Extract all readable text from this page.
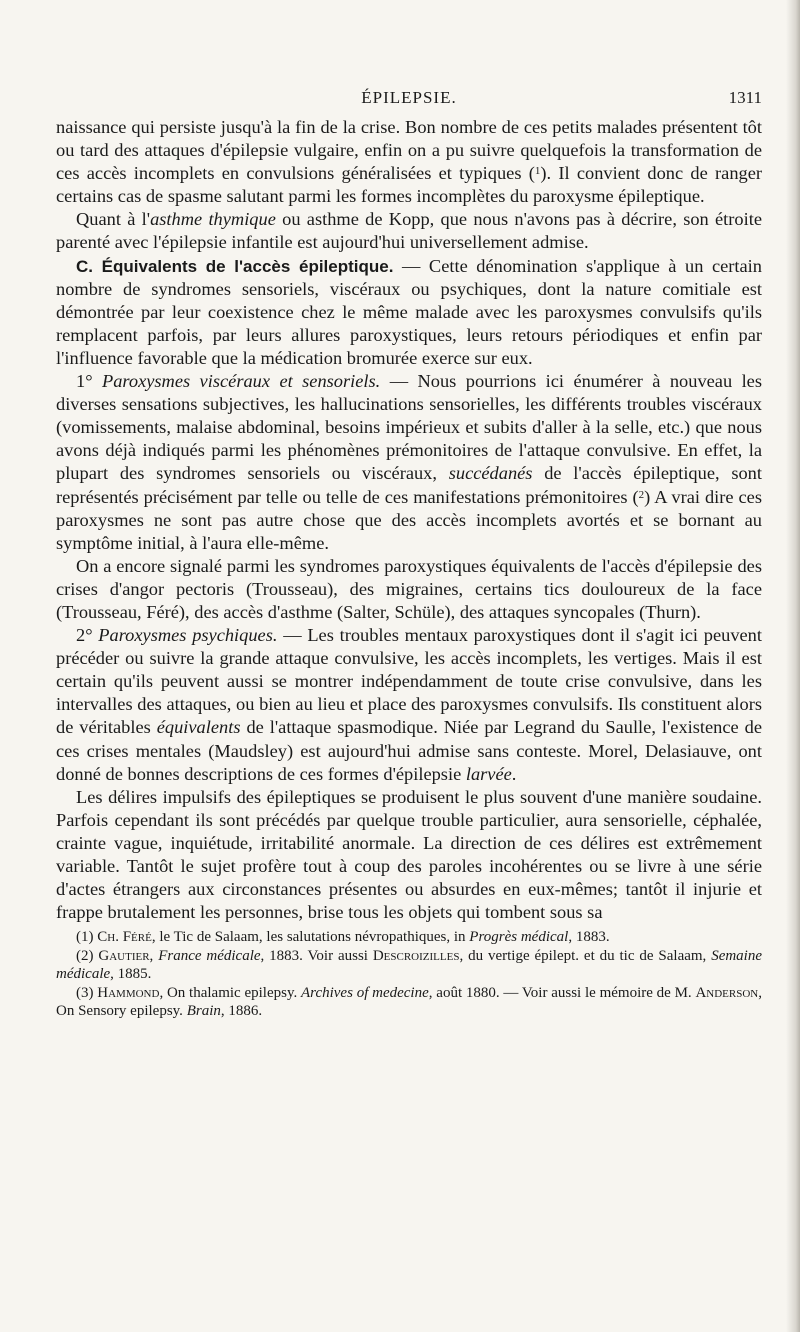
ÉPILEPSIE.	1311

naissance qui persiste jusqu'à la fin de la crise. Bon nombre de ces petits malades présentent tôt ou tard des attaques d'épilepsie vulgaire, enfin on a pu suivre quelquefois la transformation de ces accès incomplets en convulsions généralisées et typiques ($^1$). Il convient donc de ranger certains cas de spasme salutant parmi les formes incomplètes du paroxysme épileptique.

Quant à l'asthme thymique ou asthme de Kopp, que nous n'avons pas à décrire, son étroite parenté avec l'épilepsie infantile est aujourd'hui universellement admise.

C. Équivalents de l'accès épileptique. — Cette dénomination s'applique à un certain nombre de syndromes sensoriels, viscéraux ou psychiques, dont la nature comitiale est démontrée par leur coexistence chez le même malade avec les paroxysmes convulsifs qu'ils remplacent parfois, par leurs allures paroxystiques, leurs retours périodiques et enfin par l'influence favorable que la médication bromurée exerce sur eux.

1° Paroxysmes viscéraux et sensoriels. — Nous pourrions ici énumérer à nouveau les diverses sensations subjectives, les hallucinations sensorielles, les différents troubles viscéraux (vomissements, malaise abdominal, besoins impérieux et subits d'aller à la selle, etc.) que nous avons déjà indiqués parmi les phénomènes prémonitoires de l'attaque convulsive. En effet, la plupart des syndromes sensoriels ou viscéraux, succédanés de l'accès épileptique, sont représentés précisément par telle ou telle de ces manifestations prémonitoires ($^2$) A vrai dire ces paroxysmes ne sont pas autre chose que des accès incomplets avortés et se bornant au symptôme initial, à l'aura elle-même.

On a encore signalé parmi les syndromes paroxystiques équivalents de l'accès d'épilepsie des crises d'angor pectoris (Trousseau), des migraines, certains tics douloureux de la face (Trousseau, Féré), des accès d'asthme (Salter, Schüle), des attaques syncopales (Thurn).

2° Paroxysmes psychiques. — Les troubles mentaux paroxystiques dont il s'agit ici peuvent précéder ou suivre la grande attaque convulsive, les accès incomplets, les vertiges. Mais il est certain qu'ils peuvent aussi se montrer indépendamment de toute crise convulsive, dans les intervalles des attaques, ou bien au lieu et place des paroxysmes convulsifs. Ils constituent alors de véritables équivalents de l'attaque spasmodique. Niée par Legrand du Saulle, l'existence de ces crises mentales (Maudsley) est aujourd'hui admise sans conteste. Morel, Delasiauve, ont donné de bonnes descriptions de ces formes d'épilepsie larvée.

Les délires impulsifs des épileptiques se produisent le plus souvent d'une manière soudaine. Parfois cependant ils sont précédés par quelque trouble particulier, aura sensorielle, céphalée, crainte vague, inquiétude, irritabilité anormale. La direction de ces délires est extrêmement variable. Tantôt le sujet profère tout à coup des paroles incohérentes ou se livre à une série d'actes étrangers aux circonstances présentes ou absurdes en eux-mêmes; tantôt il injurie et frappe brutalement les personnes, brise tous les objets qui tombent sous sa

(1) Ch. Féré, le Tic de Salaam, les salutations névropathiques, in Progrès médical, 1883.

(2) Gautier, France médicale, 1883. Voir aussi Descroizilles, du vertige épilept. et du tic de Salaam, Semaine médicale, 1885.

(3) Hammond, On thalamic epilepsy. Archives of medecine, août 1880. — Voir aussi le mémoire de M. Anderson, On Sensory epilepsy. Brain, 1886.
